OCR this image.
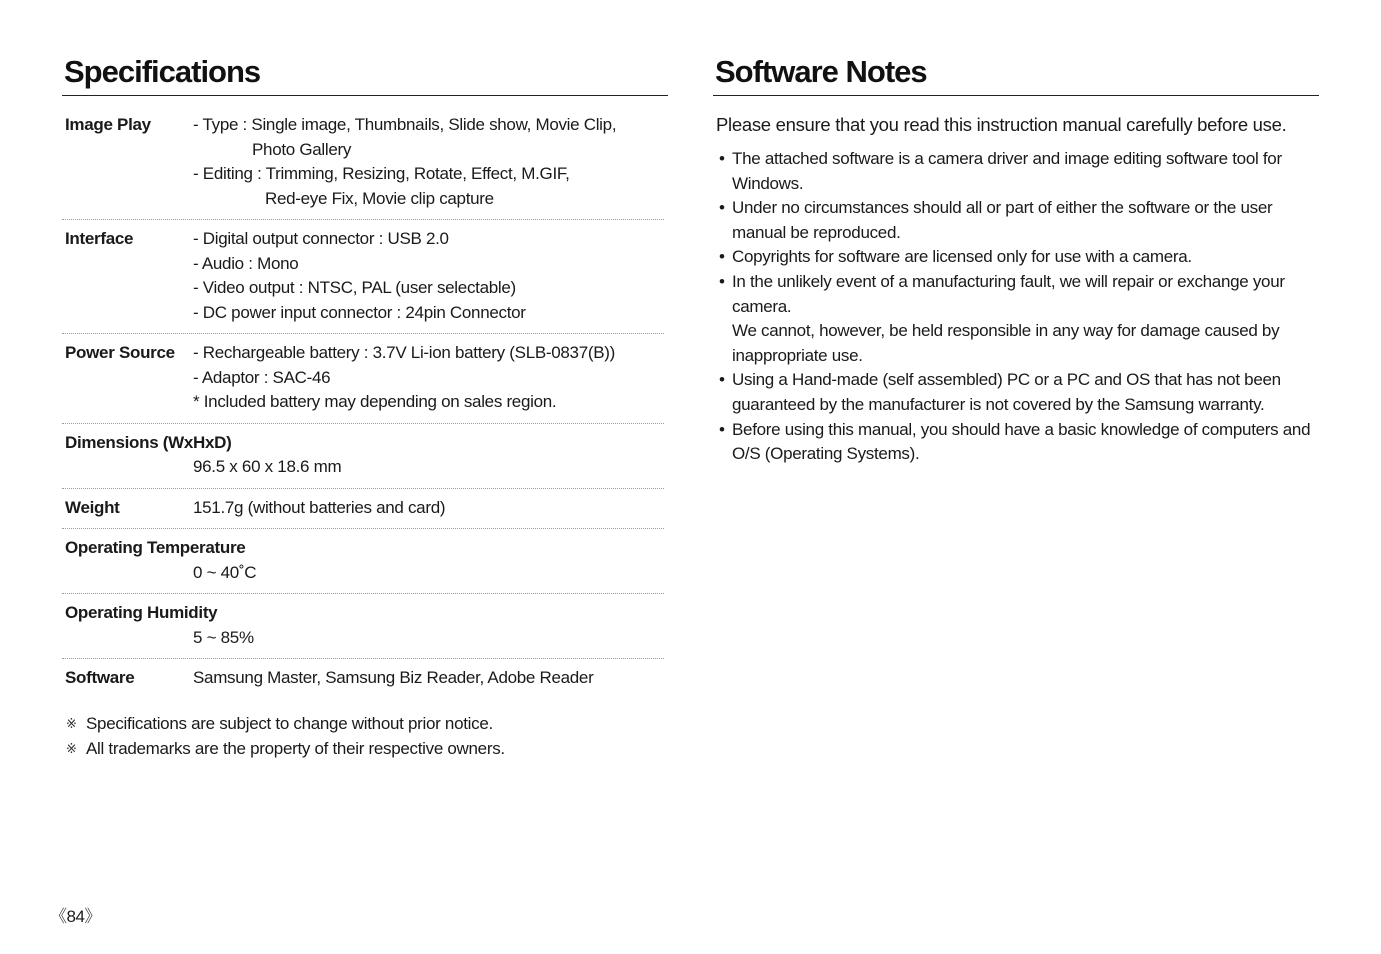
Specifications
Image Play	- Type : Single image, Thumbnails, Slide show, Movie Clip,
Photo Gallery
- Editing : Trimming, Resizing, Rotate, Effect, M.GIF,
Red-eye Fix, Movie clip capture
Interface	- Digital output connector : USB 2.0
- Audio : Mono
- Video output : NTSC, PAL (user selectable)
- DC power input connector : 24pin Connector
Power Source	- Rechargeable battery : 3.7V Li-ion battery (SLB-0837(B))
- Adaptor : SAC-46
* Included battery may depending on sales region.
Dimensions (WxHxD)
96.5 x 60 x 18.6 mm
Weight	151.7g (without batteries and card)
Operating Temperature
0 ~ 40˚C
Operating Humidity
5 ~ 85%
Software	Samsung Master, Samsung Biz Reader, Adobe Reader
※ Specifications are subject to change without prior notice.
※ All trademarks are the property of their respective owners.
《84》
Software Notes
Please ensure that you read this instruction manual carefully before use.
• The attached software is a camera driver and image editing software tool for
Windows.
• Under no circumstances should all or part of either the software or the user
manual be reproduced.
• Copyrights for software are licensed only for use with a camera.
• In the unlikely event of a manufacturing fault, we will repair or exchange your
camera.
We cannot, however, be held responsible in any way for damage caused by
inappropriate use.
• Using a Hand-made (self assembled) PC or a PC and OS that has not been
guaranteed by the manufacturer is not covered by the Samsung warranty.
• Before using this manual, you should have a basic knowledge of computers and
O/S (Operating Systems).
